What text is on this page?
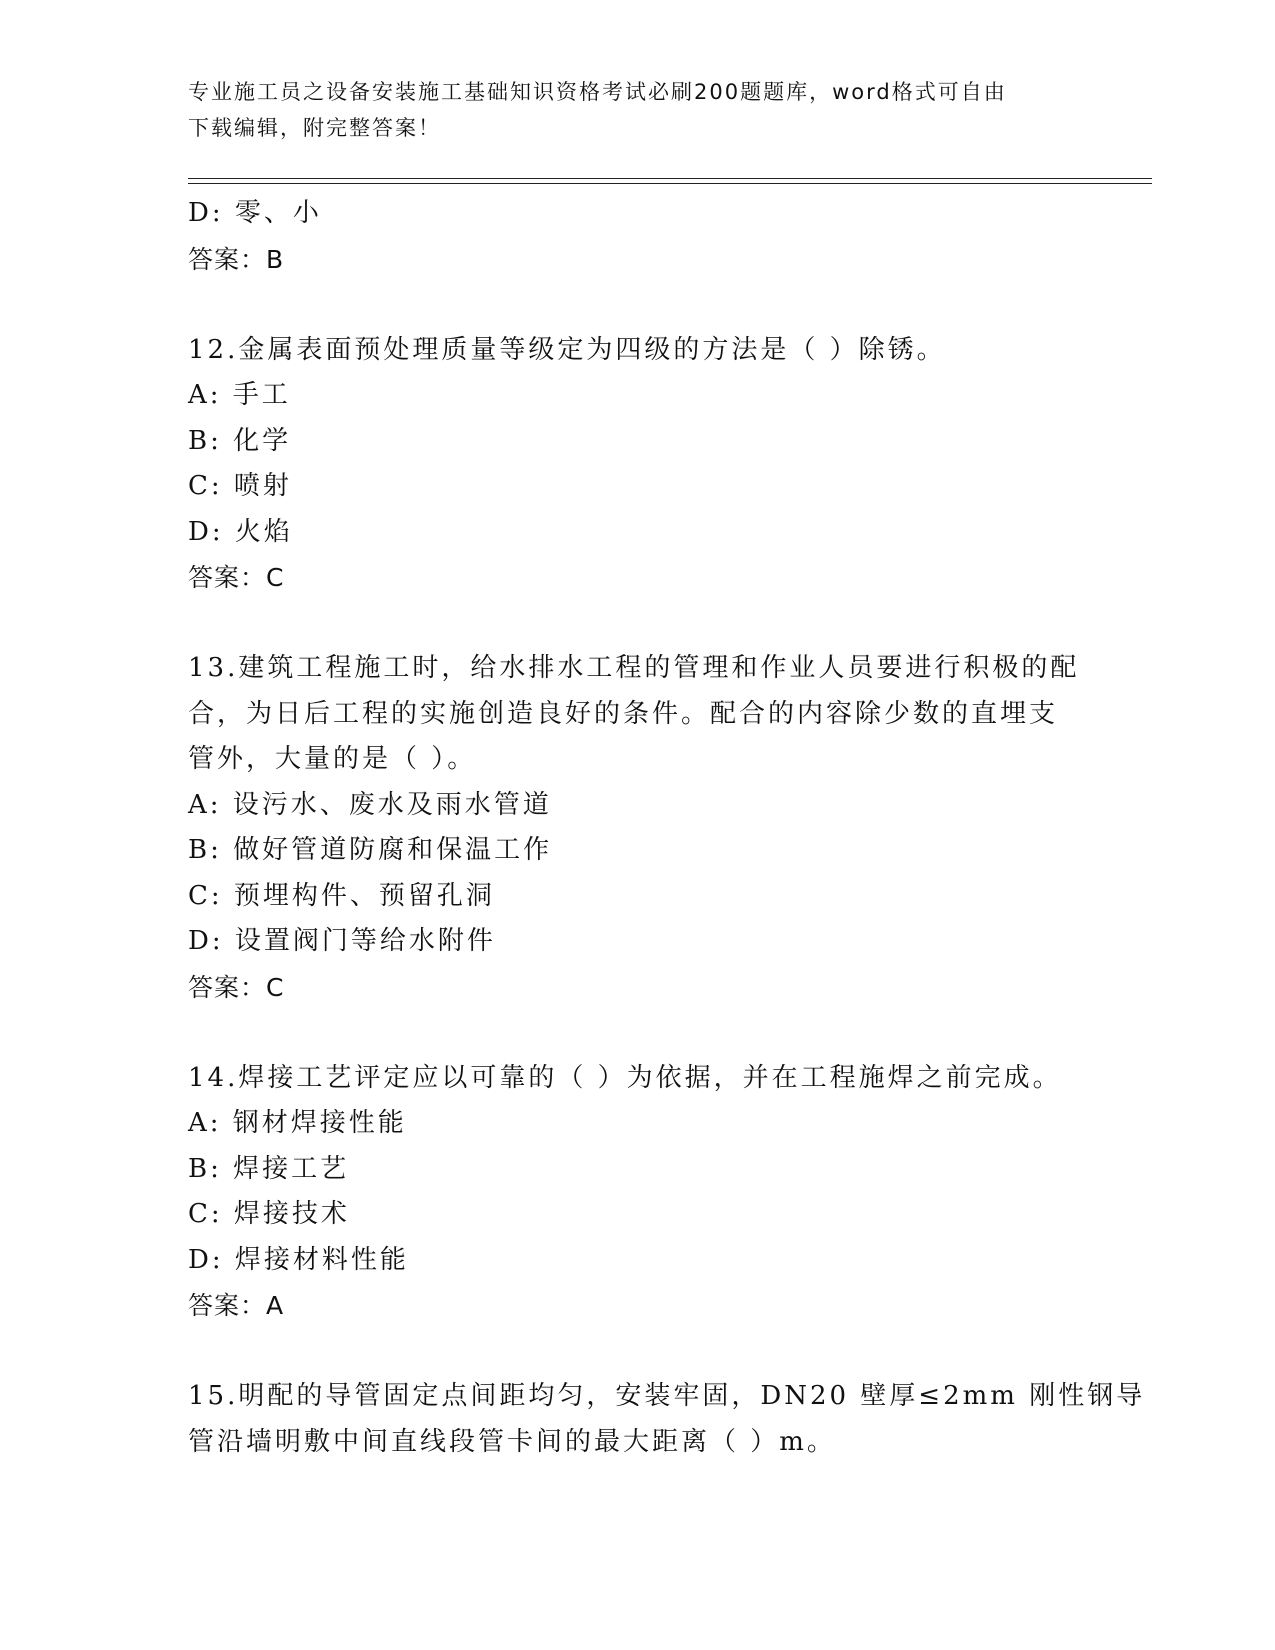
专业施工员之设备安装施工基础知识资格考试必刷200题题库，word格式可自由
下载编辑，附完整答案！
D: 零、小
答案：B
12.金属表面预处理质量等级定为四级的方法是（ ）除锈。
A: 手工
B: 化学
C: 喷射
D: 火焰
答案：C
13.建筑工程施工时，给水排水工程的管理和作业人员要进行积极的配
合，为日后工程的实施创造良好的条件。配合的内容除少数的直埋支
管外，大量的是（ ）。
A: 设污水、废水及雨水管道
B: 做好管道防腐和保温工作
C: 预埋构件、预留孔洞
D: 设置阀门等给水附件
答案：C
14.焊接工艺评定应以可靠的（ ）为依据，并在工程施焊之前完成。
A: 钢材焊接性能
B: 焊接工艺
C: 焊接技术
D: 焊接材料性能
答案：A
15.明配的导管固定点间距均匀，安装牢固，DN20 壁厚≤2mm 刚性钢导
管沿墙明敷中间直线段管卡间的最大距离（ ）m。
